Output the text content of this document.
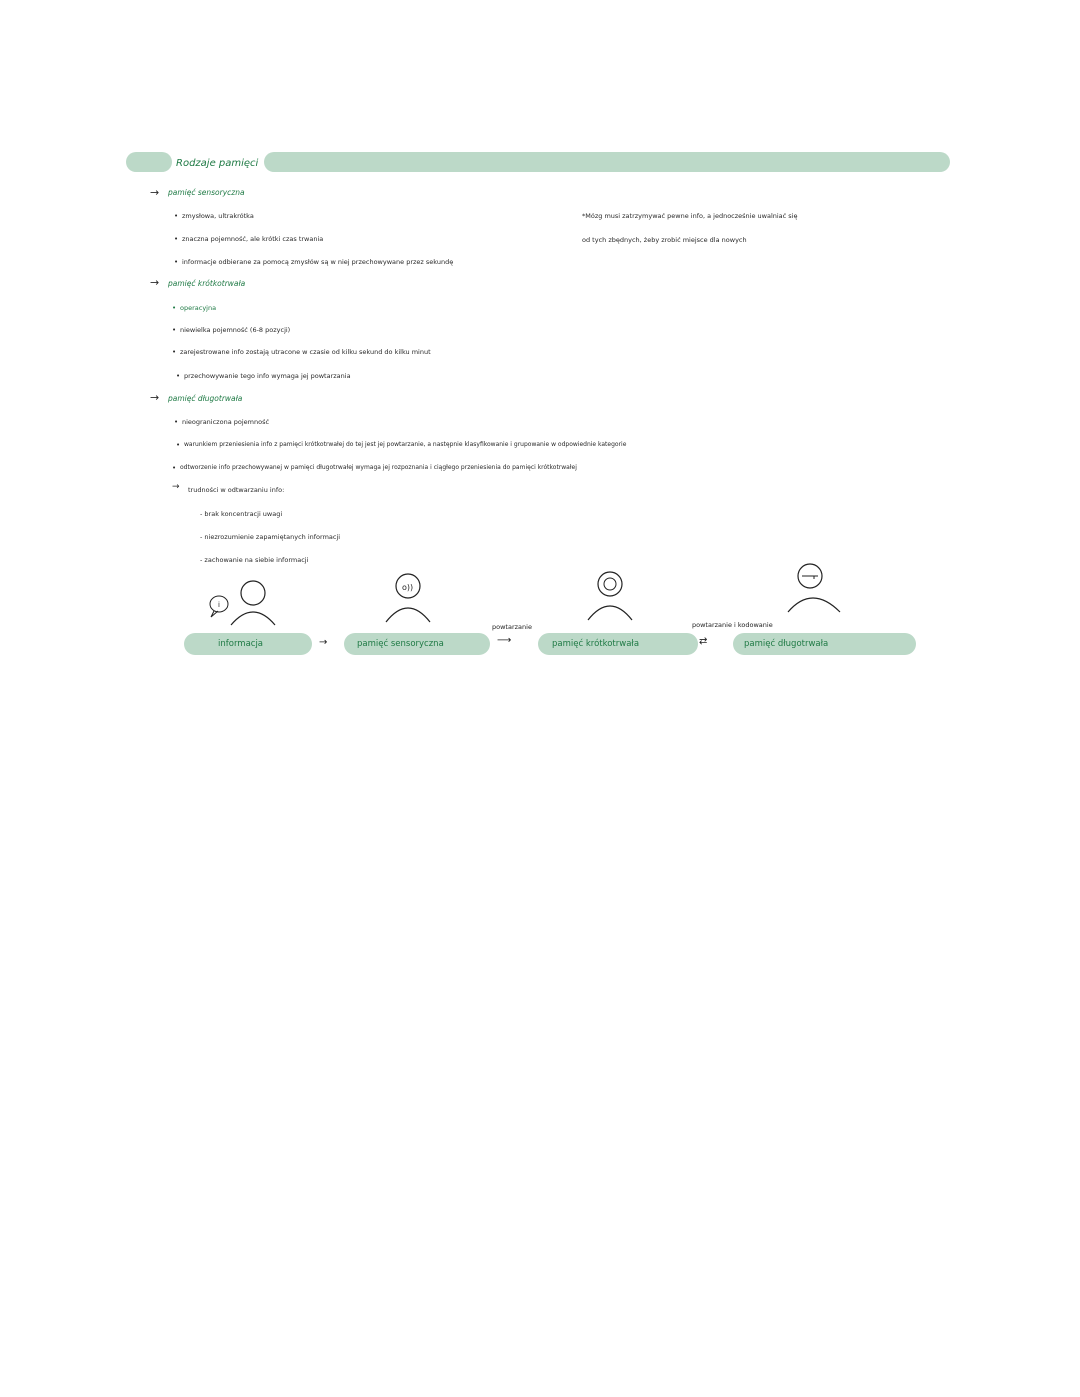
Rodzaje pamięci
→ pamięć sensoryczna
• zmysłowa, ultrakrótka
• znaczna pojemność, ale krótki czas trwania
• informacje odbierane za pomocą zmysłów są w niej przechowywane przez sekundę
→ pamięć krótkotrwała
• operacyjna
• niewielka pojemność (6-8 pozycji)
• zarejestrowane info zostają utracone w czasie od kilku sekund do kilku minut
• przechowywanie tego info wymaga jej powtarzania
→ pamięć długotrwała
• nieograniczona pojemność
• warunkiem przeniesienia info z pamięci krótkotrwałej do tej jest jej powtarzanie, a następnie klasyfikowanie i grupowanie w odpowiednie kategorie
• odtworzenie info przechowywanej w pamięci długotrwałej wymaga jej rozpoznania i ciągłego przeniesienia do pamięci krótkotrwałej
→ trudności w odtwarzaniu info:
- brak koncentracji uwagi
- niezrozumienie zapamiętanych informacji
- zachowanie na siebie informacji
*Mózg musi zatrzymywać pewne info, a jednocześnie uwalniać się
od tych zbędnych, żeby zrobić miejsce dla nowych
i
o))
informacja	→	pamięć sensoryczna
powtarzanie
⟶	pamięć krótkotrwała
powtarzanie i kodowanie
⇄	pamięć długotrwała
